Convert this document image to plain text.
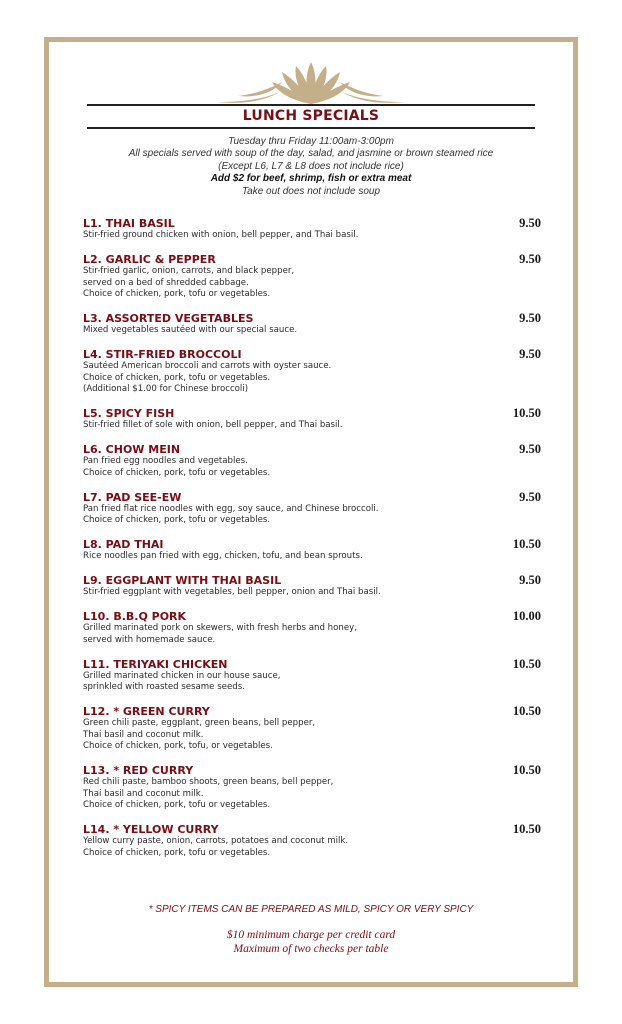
LUNCH SPECIALS
Tuesday thru Friday 11:00am-3:00pm
All specials served with soup of the day, salad, and jasmine or brown steamed rice
(Except L6, L7 & L8 does not include rice)
Add $2 for beef, shrimp, fish or extra meat
Take out does not include soup
L1. THAI BASIL	9.50
Stir-fried ground chicken with onion, bell pepper, and Thai basil.
L2. GARLIC & PEPPER	9.50
Stir-fried garlic, onion, carrots, and black pepper,
served on a bed of shredded cabbage.
Choice of chicken, pork, tofu or vegetables.
L3. ASSORTED VEGETABLES	9.50
Mixed vegetables sautéed with our special sauce.
L4. STIR-FRIED BROCCOLI	9.50
Sautéed American broccoli and carrots with oyster sauce.
Choice of chicken, pork, tofu or vegetables.
(Additional $1.00 for Chinese broccoli)
L5. SPICY FISH	10.50
Stir-fried fillet of sole with onion, bell pepper, and Thai basil.
L6. CHOW MEIN	9.50
Pan fried egg noodles and vegetables.
Choice of chicken, pork, tofu or vegetables.
L7. PAD SEE-EW	9.50
Pan fried flat rice noodles with egg, soy sauce, and Chinese broccoli.
Choice of chicken, pork, tofu or vegetables.
L8. PAD THAI	10.50
Rice noodles pan fried with egg, chicken, tofu, and bean sprouts.
L9. EGGPLANT WITH THAI BASIL	9.50
Stir-fried eggplant with vegetables, bell pepper, onion and Thai basil.
L10. B.B.Q PORK	10.00
Grilled marinated pork on skewers, with fresh herbs and honey,
served with homemade sauce.
L11. TERIYAKI CHICKEN	10.50
Grilled marinated chicken in our house sauce,
sprinkled with roasted sesame seeds.
L12. * GREEN CURRY	10.50
Green chili paste, eggplant, green beans, bell pepper,
Thai basil and coconut milk.
Choice of chicken, pork, tofu, or vegetables.
L13. * RED CURRY	10.50
Red chili paste, bamboo shoots, green beans, bell pepper,
Thai basil and coconut milk.
Choice of chicken, pork, tofu or vegetables.
L14. * YELLOW CURRY	10.50
Yellow curry paste, onion, carrots, potatoes and coconut milk.
Choice of chicken, pork, tofu or vegetables.
* SPICY ITEMS CAN BE PREPARED AS MILD, SPICY OR VERY SPICY
$10 minimum charge per credit card
Maximum of two checks per table
